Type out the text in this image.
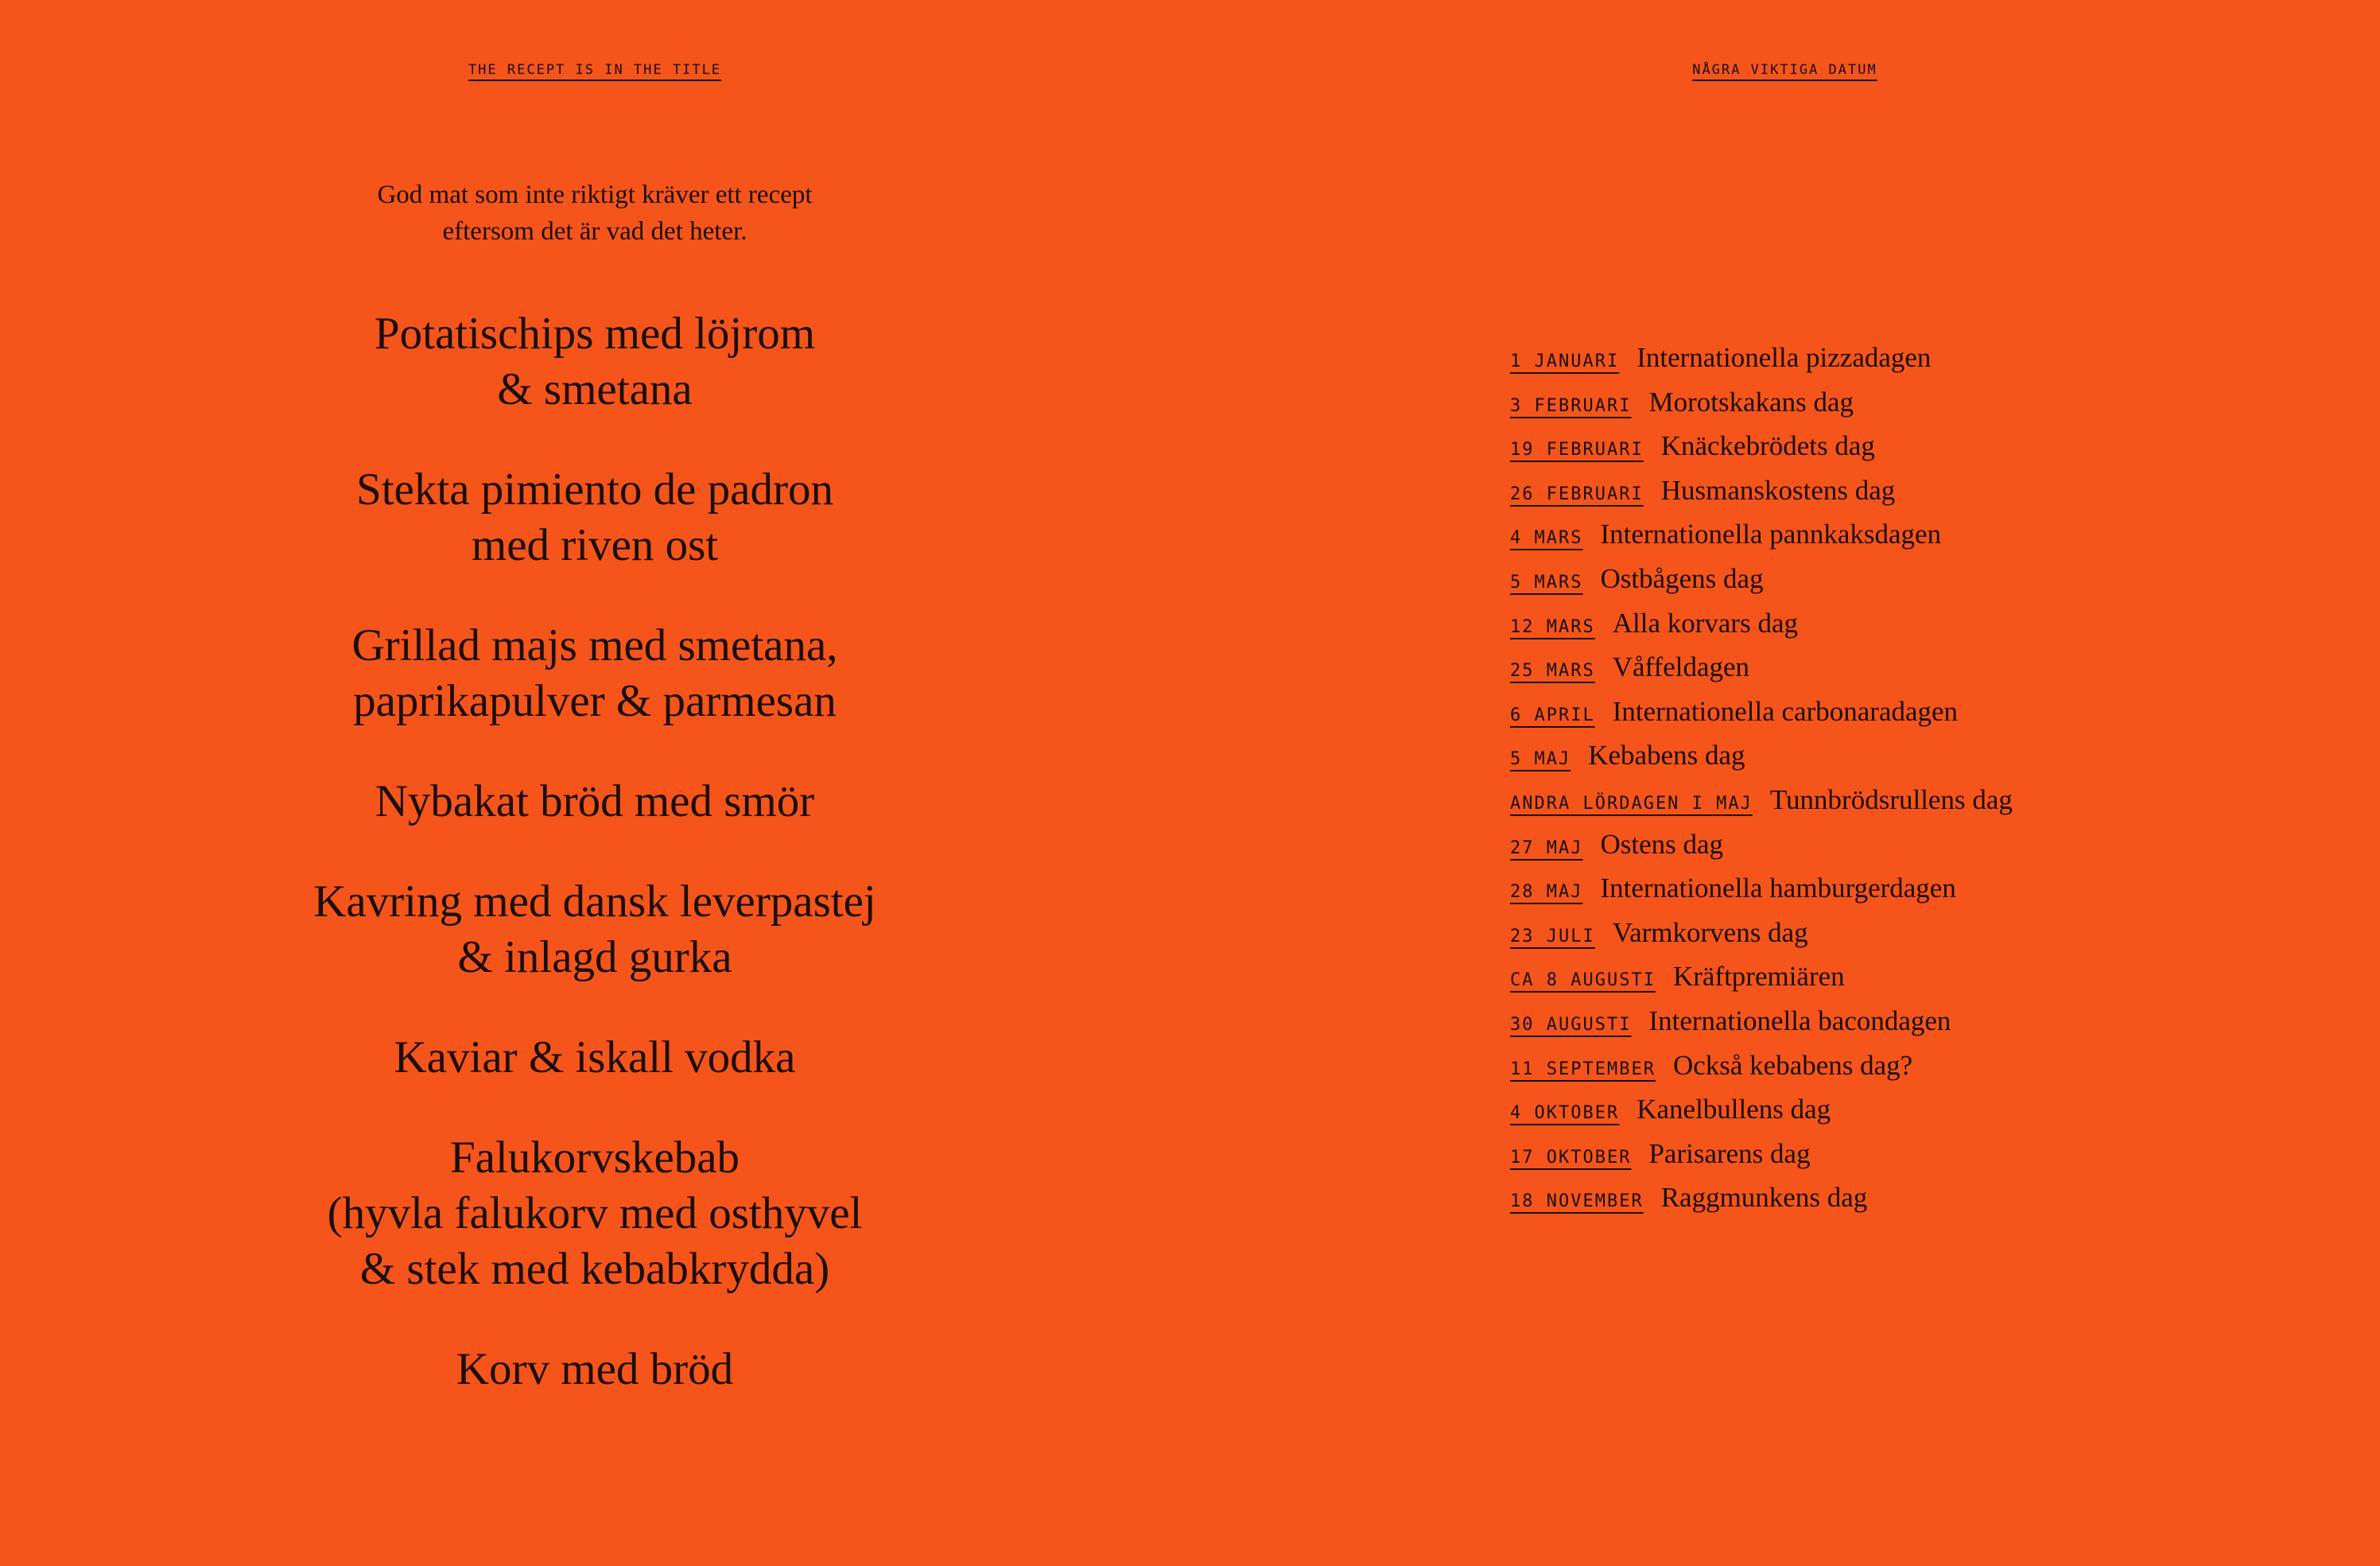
THE RECEPT IS IN THE TITLE
God mat som inte riktigt kräver ett recept
eftersom det är vad det heter.
Potatischips med löjrom
& smetana
Stekta pimiento de padron
med riven ost
Grillad majs med smetana,
paprikapulver & parmesan
Nybakat bröd med smör
Kavring med dansk leverpastej
& inlagd gurka
Kaviar & iskall vodka
Falukorvskebab
(hyvla falukorv med osthyvel
& stek med kebabkrydda)
Korv med bröd
NÅGRA VIKTIGA DATUM
1 JANUARI Internationella pizzadagen
3 FEBRUARI Morotskakans dag
19 FEBRUARI Knäckebrödets dag
26 FEBRUARI Husmanskostens dag
4 MARS Internationella pannkaksdagen
5 MARS Ostbågens dag
12 MARS Alla korvars dag
25 MARS Våffeldagen
6 APRIL Internationella carbonaradagen
5 MAJ Kebabens dag
ANDRA LÖRDAGEN I MAJ Tunnbrödsrullens dag
27 MAJ Ostens dag
28 MAJ Internationella hamburgerdagen
23 JULI Varmkorvens dag
CA 8 AUGUSTI Kräftpremiären
30 AUGUSTI Internationella bacondagen
11 SEPTEMBER Också kebabens dag?
4 OKTOBER Kanelbullens dag
17 OKTOBER Parisarens dag
18 NOVEMBER Raggmunkens dag
